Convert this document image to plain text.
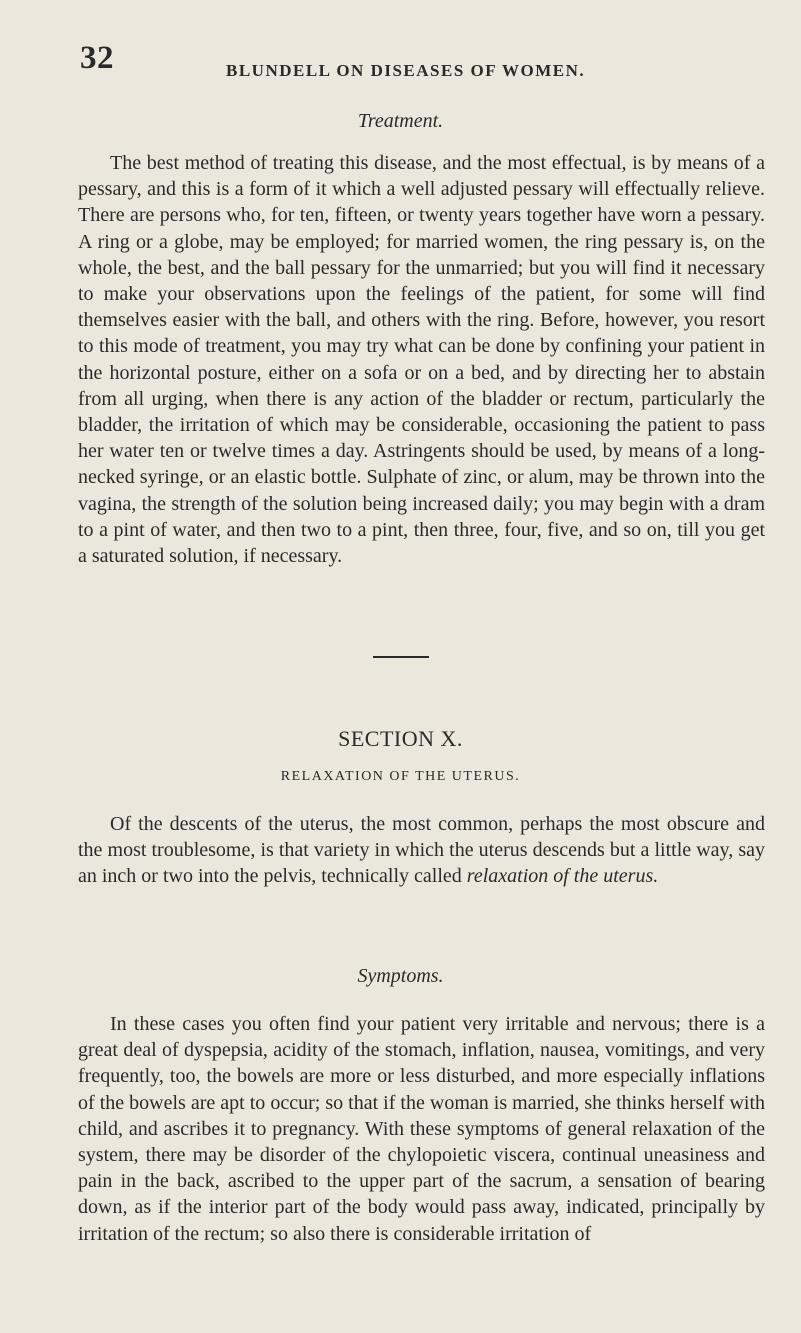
32	BLUNDELL ON DISEASES OF WOMEN.
Treatment.

The best method of treating this disease, and the most effectual, is by means of a pessary, and this is a form of it which a well adjusted pessary will effectually relieve. There are persons who, for ten, fifteen, or twenty years together have worn a pessary. A ring or a globe, may be employed; for married women, the ring pessary is, on the whole, the best, and the ball pessary for the unmarried; but you will find it necessary to make your observations upon the feelings of the patient, for some will find themselves easier with the ball, and others with the ring. Before, however, you resort to this mode of treatment, you may try what can be done by confining your patient in the horizontal posture, either on a sofa or on a bed, and by directing her to abstain from all urging, when there is any action of the bladder or rectum, particularly the bladder, the irritation of which may be considerable, occasioning the patient to pass her water ten or twelve times a day. Astringents should be used, by means of a long-necked syringe, or an elastic bottle. Sulphate of zinc, or alum, may be thrown into the vagina, the strength of the solution being increased daily; you may begin with a dram to a pint of water, and then two to a pint, then three, four, five, and so on, till you get a saturated solution, if necessary.

SECTION X.
RELAXATION OF THE UTERUS.

Of the descents of the uterus, the most common, perhaps the most obscure and the most troublesome, is that variety in which the uterus descends but a little way, say an inch or two into the pelvis, technically called relaxation of the uterus.

Symptoms.

In these cases you often find your patient very irritable and nervous; there is a great deal of dyspepsia, acidity of the stomach, inflation, nausea, vomitings, and very frequently, too, the bowels are more or less disturbed, and more especially inflations of the bowels are apt to occur; so that if the woman is married, she thinks herself with child, and ascribes it to pregnancy. With these symptoms of general relaxation of the system, there may be disorder of the chylopoietic viscera, continual uneasiness and pain in the back, ascribed to the upper part of the sacrum, a sensation of bearing down, as if the interior part of the body would pass away, indicated, principally by irritation of the rectum; so also there is considerable irritation of
